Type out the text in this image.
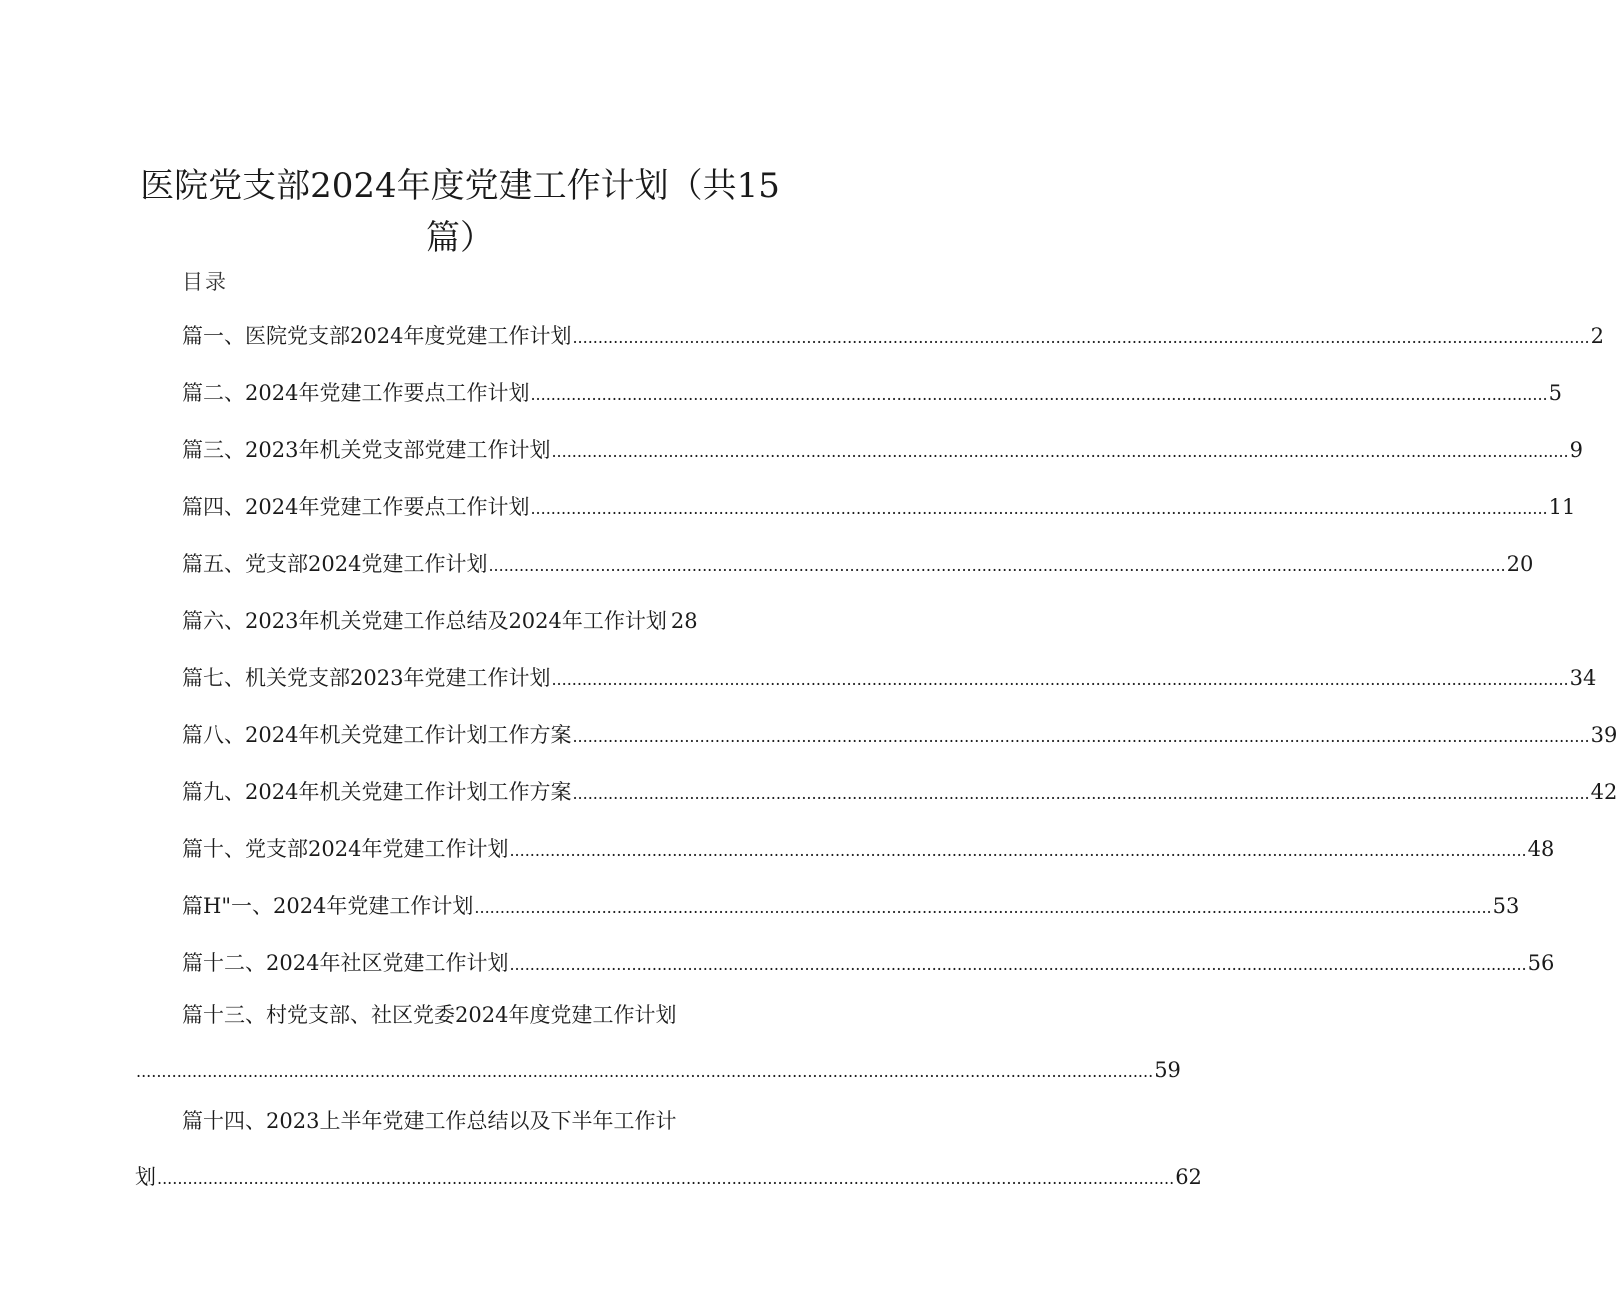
医院党支部2024年度党建工作计划（共15
篇）
目录
篇一、医院党支部2024年度党建工作计划 ........................................................................................................................................................................................................ 2
篇二、2024年党建工作要点工作计划 ........................................................................................................................................................................................................ 5
篇三、2023年机关党支部党建工作计划 ........................................................................................................................................................................................................ 9
篇四、2024年党建工作要点工作计划 ........................................................................................................................................................................................................ 11
篇五、党支部2024党建工作计划 ........................................................................................................................................................................................................ 20
篇六、2023年机关党建工作总结及2024年工作计划 28
篇七、机关党支部2023年党建工作计划 ........................................................................................................................................................................................................ 34
篇八、2024年机关党建工作计划工作方案 ........................................................................................................................................................................................................ 39
篇九、2024年机关党建工作计划工作方案 ........................................................................................................................................................................................................ 42
篇十、党支部2024年党建工作计划 ........................................................................................................................................................................................................ 48
篇H"一、2024年党建工作计划 ........................................................................................................................................................................................................ 53
篇十二、2024年社区党建工作计划 ........................................................................................................................................................................................................ 56
篇十三、村党支部、社区党委2024年度党建工作计划
........................................................................................................................................................................................................ 59
篇十四、2023上半年党建工作总结以及下半年工作计
划 ........................................................................................................................................................................................................ 62
